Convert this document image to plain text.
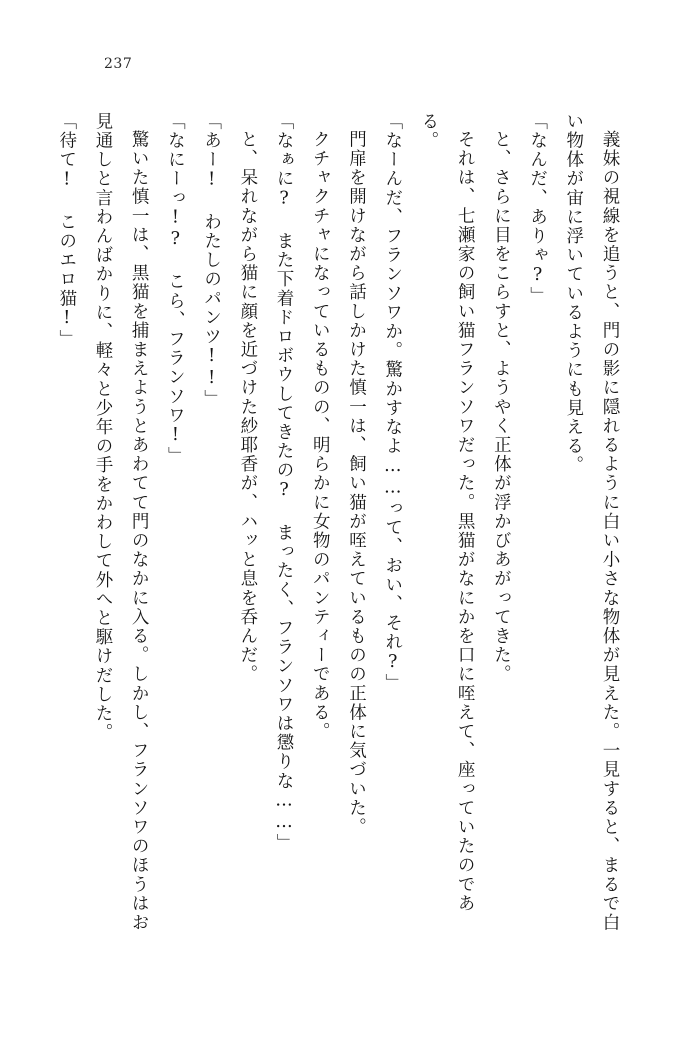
237

義妹の視線を追うと、門の影に隠れるように白い小さな物体が見えた。一見すると、まるで白い物体が宙に浮いているようにも見える。

「なんだ、ありゃ?」

と、さらに目をこらすと、ようやく正体が浮かびあがってきた。

それは、七瀬家の飼い猫フランソワだった。黒猫がなにかを口に咥えて、座っていたのである。

「なーんだ、フランソワか。驚かすなよ……って、おい、それ?」

門扉を開けながら話しかけた慎一は、飼い猫が咥えているものの正体に気づいた。

クチャクチャになっているものの、明らかに女物のパンティーである。

「なぁに? また下着ドロボウしてきたの? まったく、フランソワは懲りな……」

と、呆れながら猫に顔を近づけた紗耶香が、ハッと息を呑んだ。

「あー! わたしのパンツ!!」

「なにーっ!? こら、フランソワ!」

驚いた慎一は、黒猫を捕まえようとあわてて門のなかに入る。しかし、フランソワのほうはお見通しと言わんばかりに、軽々と少年の手をかわして外へと駆けだした。

「待て! このエロ猫!」
